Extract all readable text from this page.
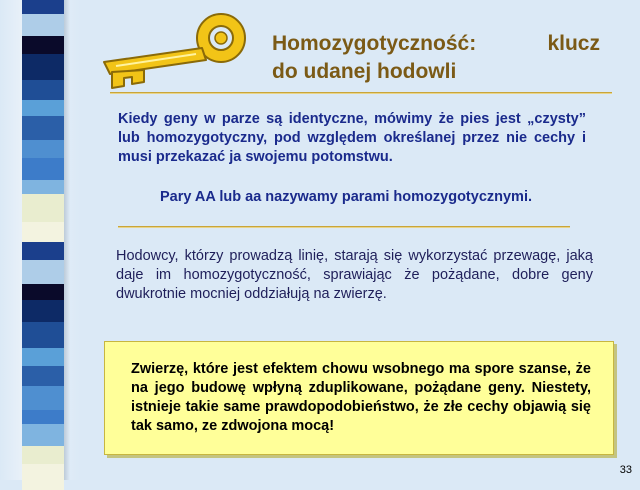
Homozygotyczność:	klucz
do udanej hodowli
Kiedy geny w parze są identyczne, mówimy że pies jest „czysty” lub homozygotyczny, pod względem określanej przez nie cechy i musi przekazać ja swojemu potomstwu.
Pary AA lub aa nazywamy parami homozygotycznymi.
Hodowcy, którzy prowadzą linię, starają się wykorzystać przewagę, jaką daje im homozygotyczność, sprawiając że pożądane, dobre geny dwukrotnie mocniej oddziałują na zwierzę.
Zwierzę, które jest efektem chowu wsobnego ma spore szanse, że na jego budowę wpłyną zduplikowane, pożądane geny. Niestety, istnieje takie same prawdopodobieństwo, że złe cechy objawią się tak samo, ze zdwojona mocą!
33
